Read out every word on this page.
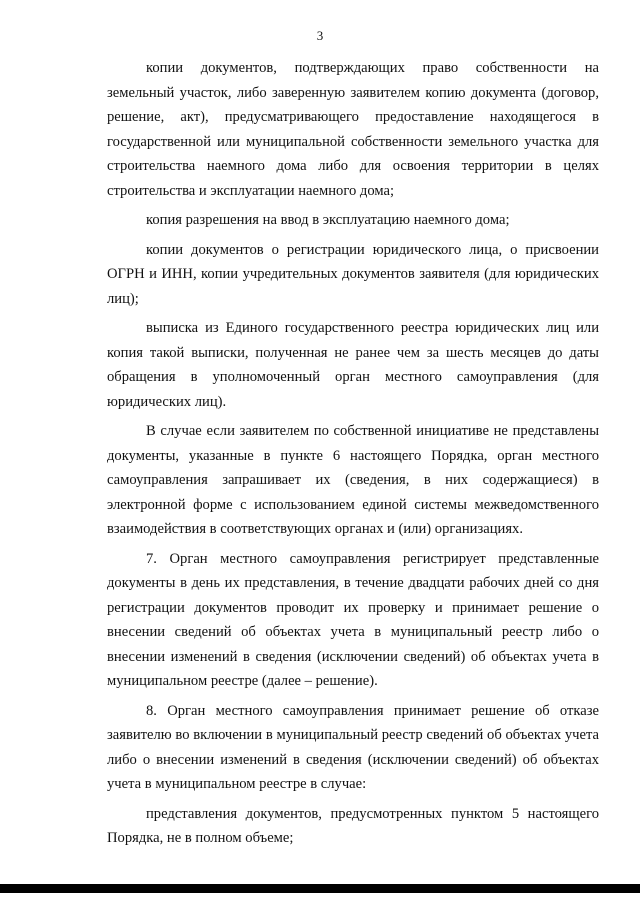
3

копии документов, подтверждающих право собственности на земельный участок, либо заверенную заявителем копию документа (договор, решение, акт), предусматривающего предоставление находящегося в государственной или муниципальной собственности земельного участка для строительства наемного дома либо для освоения территории в целях строительства и эксплуатации наемного дома;

копия разрешения на ввод в эксплуатацию наемного дома;

копии документов о регистрации юридического лица, о присвоении ОГРН и ИНН, копии учредительных документов заявителя (для юридических лиц);

выписка из Единого государственного реестра юридических лиц или копия такой выписки, полученная не ранее чем за шесть месяцев до даты обращения в уполномоченный орган местного самоуправления (для юридических лиц).

В случае если заявителем по собственной инициативе не представлены документы, указанные в пункте 6 настоящего Порядка, орган местного самоуправления запрашивает их (сведения, в них содержащиеся) в электронной форме с использованием единой системы межведомственного взаимодействия в соответствующих органах и (или) организациях.

7. Орган местного самоуправления регистрирует представленные документы в день их представления, в течение двадцати рабочих дней со дня регистрации документов проводит их проверку и принимает решение о внесении сведений об объектах учета в муниципальный реестр либо о внесении изменений в сведения (исключении сведений) об объектах учета в муниципальном реестре (далее – решение).

8. Орган местного самоуправления принимает решение об отказе заявителю во включении в муниципальный реестр сведений об объектах учета либо о внесении изменений в сведения (исключении сведений) об объектах учета в муниципальном реестре в случае:

представления документов, предусмотренных пунктом 5 настоящего Порядка, не в полном объеме;
